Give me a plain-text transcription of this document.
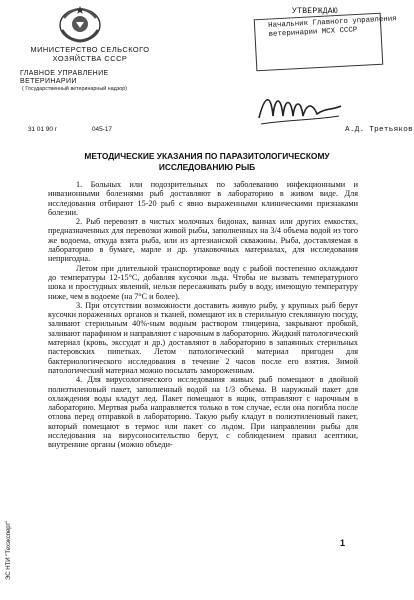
МИНИСТЕРСТВО СЕЛЬСКОГО ХОЗЯЙСТВА СССР
ГЛАВНОЕ УПРАВЛЕНИЕ ВЕТЕРИНАРИИ
( Государственный ветеринарный надзор)
31 01 90 г	045-17
УТВЕРЖДАЮ
Начальник Главного управления
ветеринарии МСХ СССР
А.Д. Третьяков
МЕТОДИЧЕСКИЕ УКАЗАНИЯ ПО ПАРАЗИТОЛОГИЧЕСКОМУ ИССЛЕДОВАНИЮ РЫБ

1. Больных или подозрительных по заболеванию инфекционными и инвазионными болезнями рыб доставляют в лабораторию в живом виде. Для исследования отбирают 15-20 рыб с явно выраженными клиническими признаками болезни.

2. Рыб перевозят в чистых молочных бидонах, ваннах или других емкостях, предназначенных для перевозки живой рыбы, заполненных на 3/4 объема водой из того же водоема, откуда взята рыба, или из артезианской скважины. Рыба, доставляемая в лабораторию в бумаге, марле и др. упаковочных материалах, для исследования непригодна.

Летом при длительной транспортировке воду с рыбой постепенно охлаждают до температуры 12-15°С, добавляя кусочки льда. Чтобы не вызвать температурного шока и простудных явлений, нельзя пересаживать рыбу в воду, имеющую температуру ниже, чем в водоеме (на 7°С и более).

3. При отсутствии возможности доставить живую рыбу, у крупных рыб берут кусочки пораженных органов и тканей, помещают их в стерильную стеклянную посуду, заливают стерильным 40%-ным водным раствором глицерина, закрывают пробкой, заливают парафином и направляют с нарочным в лабораторию. Жидкий патологический материал (кровь, экссудат и др.) доставляют в лабораторию в запаянных стерильных пастеровских пипетках. Летом патологический материал пригоден для бактериологического исследования в течение 2 часов после его взятия. Зимой патологический материал можно посылать замороженным.

4. Для вирусологического исследования живых рыб помещают в двойной полиэтиленовый пакет, заполненный водой на 1/3 объема. В наружный пакет для охлаждения воды кладут лед. Пакет помещают в ящик, отправляют с нарочным в лабораторию. Мертвая рыба направляется только в том случае, если она погибла после отлова перед отправкой в лабораторию. Такую рыбу кладут в полиэтиленовый пакет, который помещают в термос или пакет со льдом. При направлении рыбы для исследования на вирусоносительство берут, с соблюдением правил асептики, внутренние органы (можно объеди-

1
ЭС НТИ "Техэксперт"
